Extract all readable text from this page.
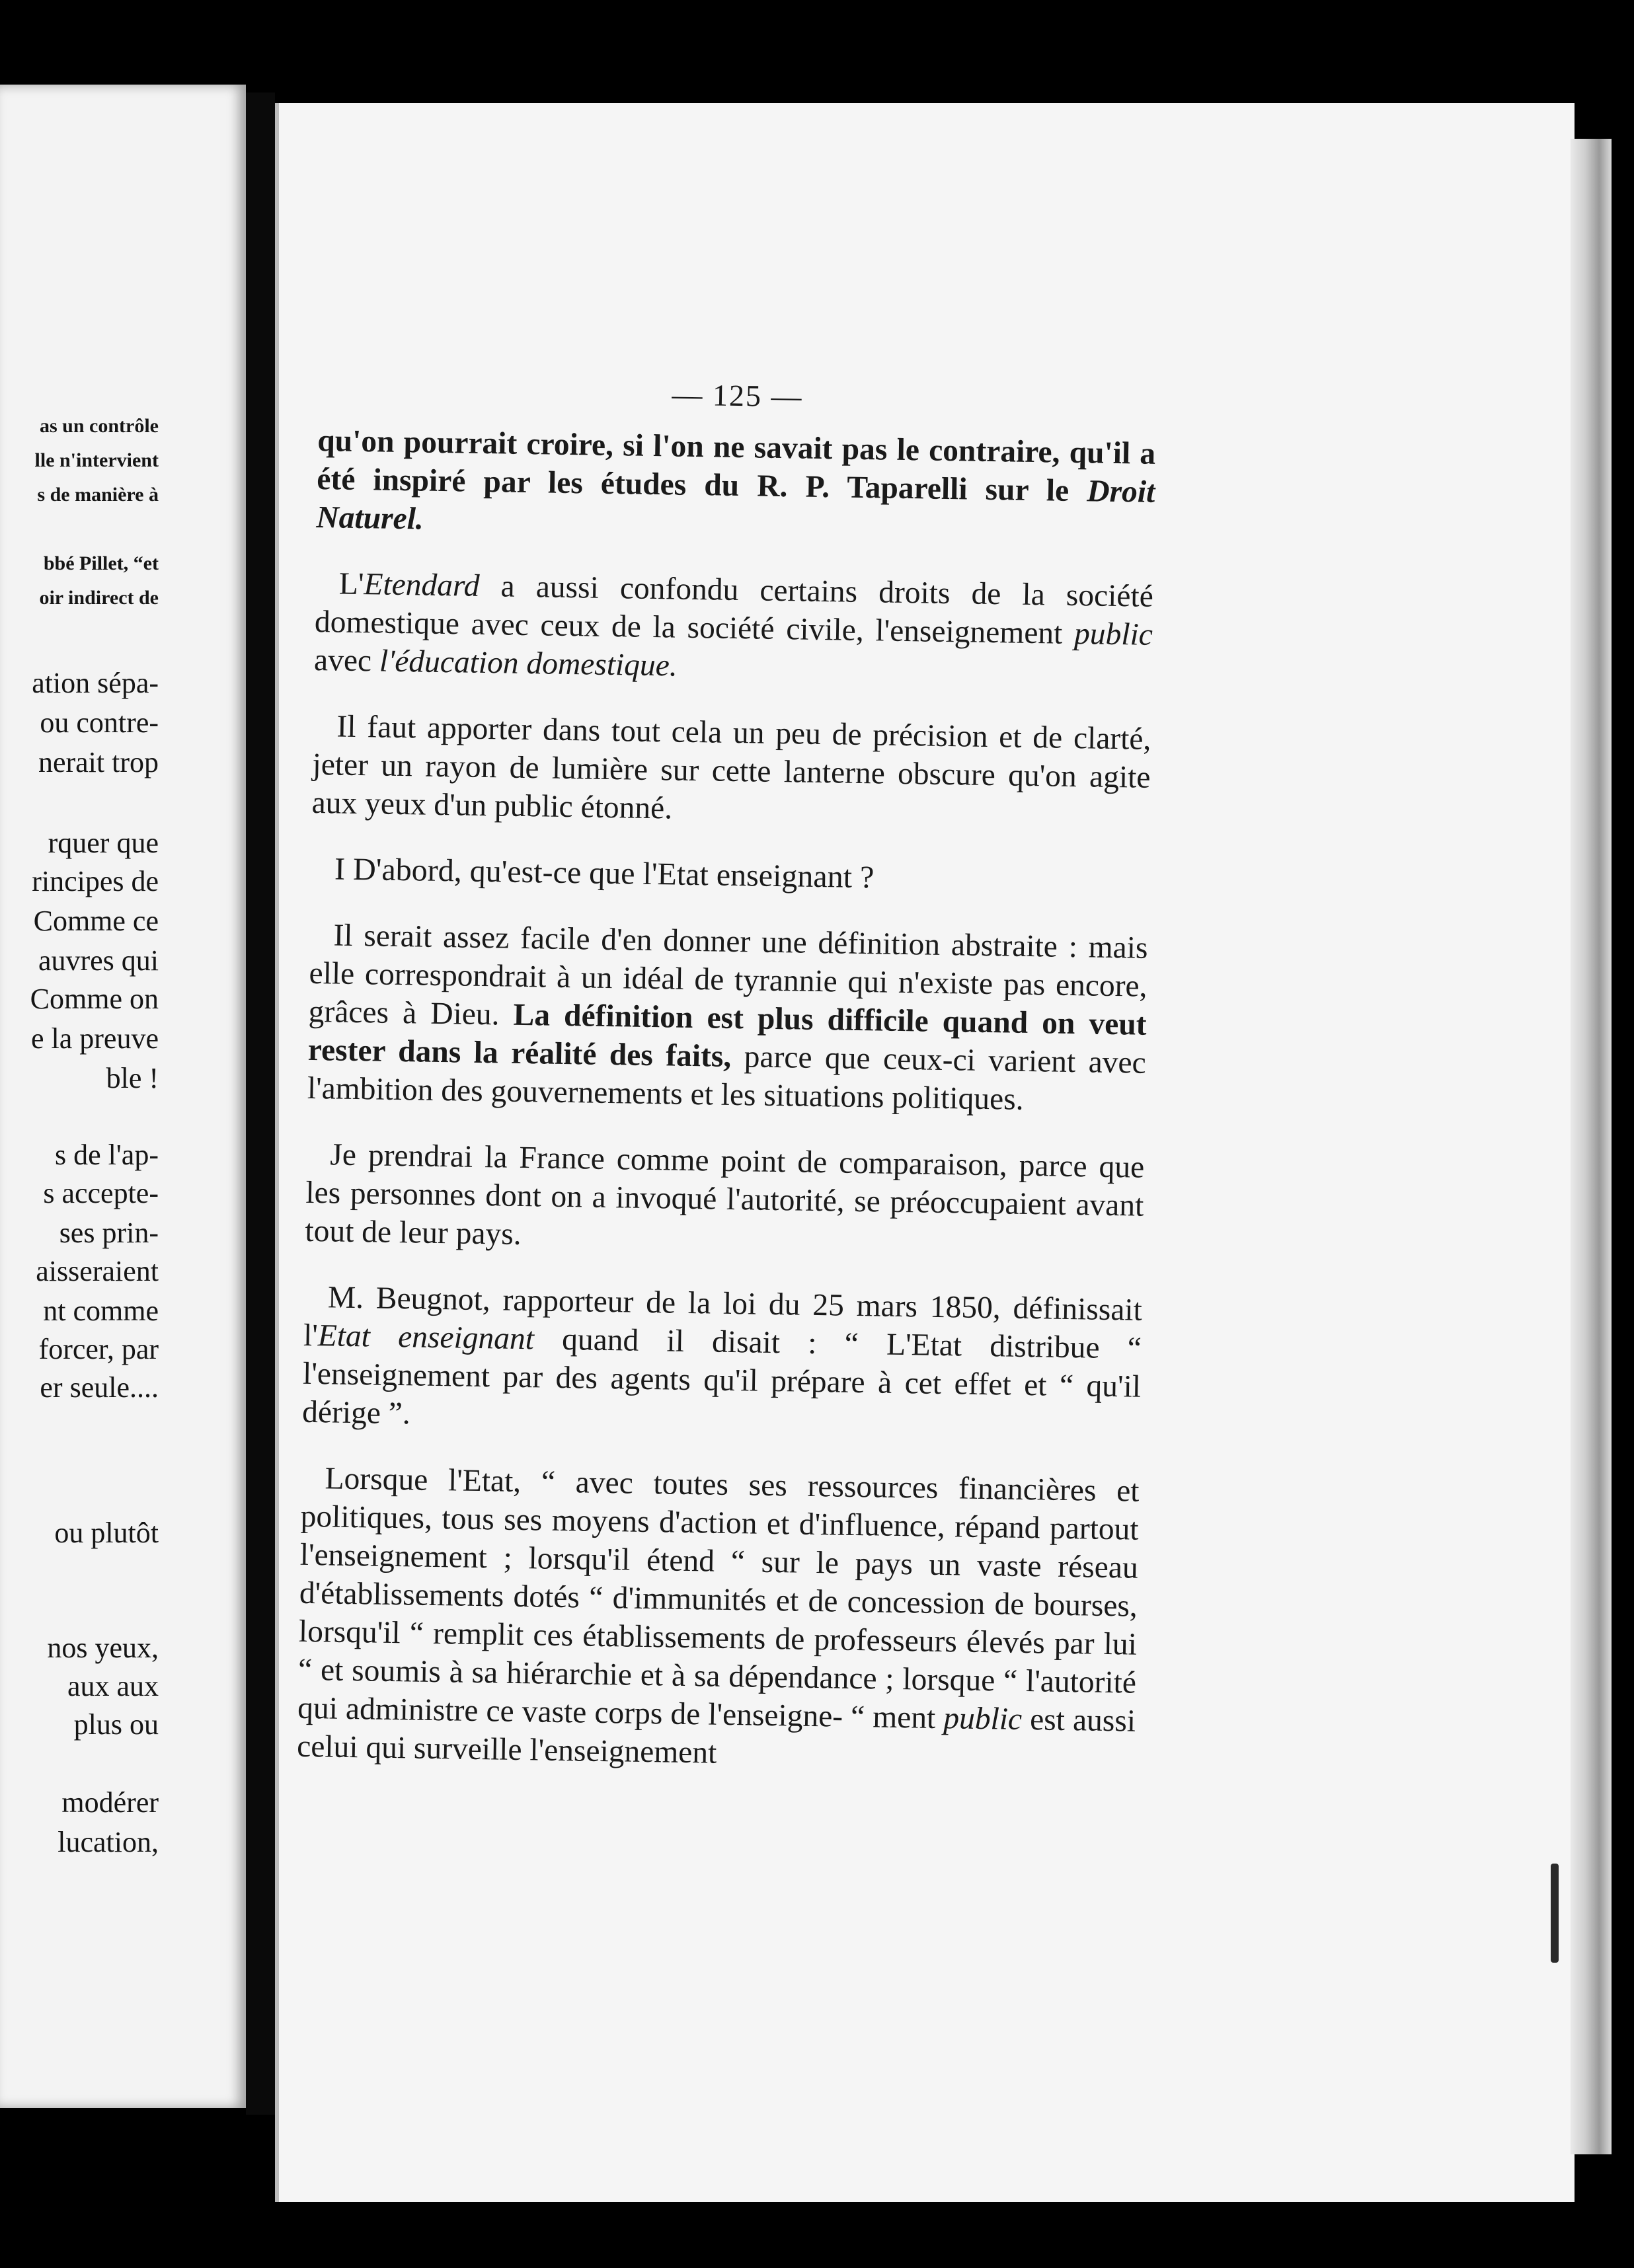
as un contrôle
lle n'intervient
s de manière à
bbé Pillet, “et
oir indirect de
ation sépa-
ou contre-
nerait trop
rquer que
rincipes de
Comme ce
auvres qui
Comme on
e la preuve
ble !
s de l'ap-
s accepte-
ses prin-
aisseraient
nt comme
forcer, par
er seule....
ou plutôt
nos yeux,
aux aux
plus ou
modérer
lucation,
— 125 —

qu'on pourrait croire, si l'on ne savait pas le contraire, qu'il a été inspiré par les études du R. P. Taparelli sur le Droit Naturel.

L'Etendard a aussi confondu certains droits de la société domestique avec ceux de la société civile, l'enseignement public avec l'éducation domestique.

Il faut apporter dans tout cela un peu de précision et de clarté, jeter un rayon de lumière sur cette lanterne obscure qu'on agite aux yeux d'un public étonné.

I D'abord, qu'est-ce que l'Etat enseignant ?

Il serait assez facile d'en donner une définition abstraite : mais elle correspondrait à un idéal de tyrannie qui n'existe pas encore, grâces à Dieu. La définition est plus difficile quand on veut rester dans la réalité des faits, parce que ceux-ci varient avec l'ambition des gouvernements et les situations politiques.

Je prendrai la France comme point de comparaison, parce que les personnes dont on a invoqué l'autorité, se préoccupaient avant tout de leur pays.

M. Beugnot, rapporteur de la loi du 25 mars 1850, définissait l'Etat enseignant quand il disait : “ L'Etat distribue “ l'enseignement par des agents qu'il prépare à cet effet et “ qu'il dérige ”.

Lorsque l'Etat, “ avec toutes ses ressources financières et politiques, tous ses moyens d'action et d'influence, répand partout l'enseignement ; lorsqu'il étend “ sur le pays un vaste réseau d'établissements dotés “ d'immunités et de concession de bourses, lorsqu'il “ remplit ces établissements de professeurs élevés par lui “ et soumis à sa hiérarchie et à sa dépendance ; lorsque “ l'autorité qui administre ce vaste corps de l'enseigne- “ ment public est aussi celui qui surveille l'enseignement
